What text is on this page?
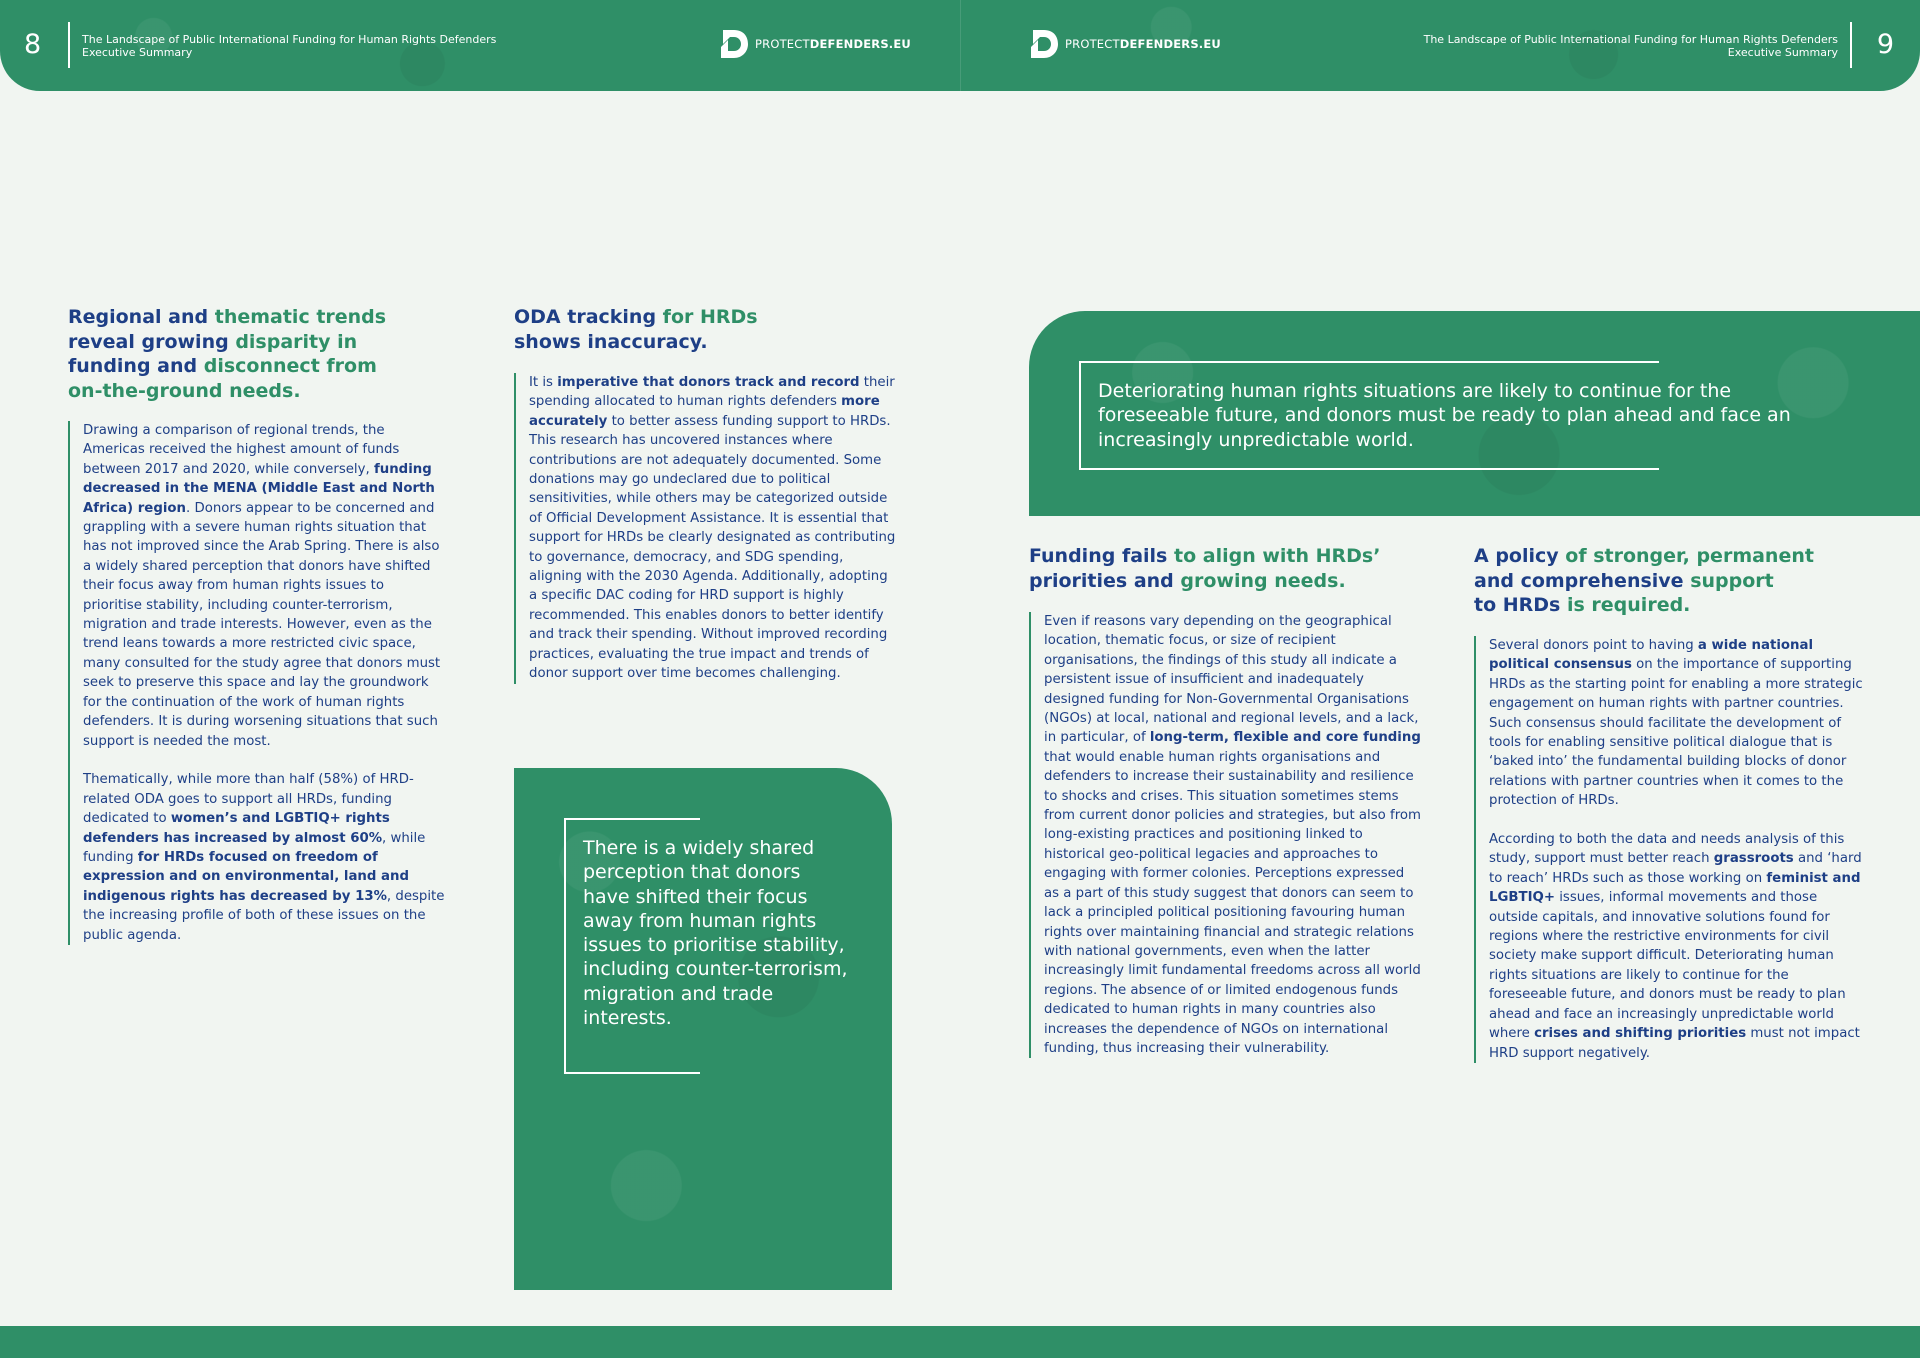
8	The Landscape of Public International Funding for Human Rights Defenders
Executive Summary
PROTECTDEFENDERS.EU	PROTECTDEFENDERS.EU	The Landscape of Public International Funding for Human Rights Defenders
Executive Summary 9
Regional and thematic trends
reveal growing disparity in
funding and disconnect from
on-the-ground needs.

Drawing a comparison of regional trends, the Americas received the highest amount of funds between 2017 and 2020, while conversely, funding decreased in the MENA (Middle East and North Africa) region. Donors appear to be concerned and grappling with a severe human rights situation that has not improved since the Arab Spring. There is also a widely shared perception that donors have shifted their focus away from human rights issues to prioritise stability, including counter-terrorism, migration and trade interests. However, even as the trend leans towards a more restricted civic space, many consulted for the study agree that donors must seek to preserve this space and lay the groundwork for the continuation of the work of human rights defenders. It is during worsening situations that such support is needed the most.

Thematically, while more than half (58%) of HRD-related ODA goes to support all HRDs, funding dedicated to women’s and LGBTIQ+ rights defenders has increased by almost 60%, while funding for HRDs focused on freedom of expression and on environmental, land and indigenous rights has decreased by 13%, despite the increasing profile of both of these issues on the public agenda.

ODA tracking for HRDs
shows inaccuracy.

It is imperative that donors track and record their spending allocated to human rights defenders more accurately to better assess funding support to HRDs. This research has uncovered instances where contributions are not adequately documented. Some donations may go undeclared due to political sensitivities, while others may be categorized outside of Official Development Assistance. It is essential that support for HRDs be clearly designated as contributing to governance, democracy, and SDG spending, aligning with the 2030 Agenda. Additionally, adopting a specific DAC coding for HRD support is highly recommended. This enables donors to better identify and track their spending. Without improved recording practices, evaluating the true impact and trends of donor support over time becomes challenging.

There is a widely shared perception that donors have shifted their focus away from human rights issues to prioritise stability, including counter-terrorism, migration and trade interests.
Deteriorating human rights situations are likely to continue for the foreseeable future, and donors must be ready to plan ahead and face an increasingly unpredictable world.
Funding fails to align with HRDs’
priorities and growing needs.

Even if reasons vary depending on the geographical location, thematic focus, or size of recipient organisations, the findings of this study all indicate a persistent issue of insufficient and inadequately designed funding for Non-Governmental Organisations (NGOs) at local, national and regional levels, and a lack, in particular, of long-term, flexible and core funding that would enable human rights organisations and defenders to increase their sustainability and resilience to shocks and crises. This situation sometimes stems from current donor policies and strategies, but also from long-existing practices and positioning linked to historical geo-political legacies and approaches to engaging with former colonies. Perceptions expressed as a part of this study suggest that donors can seem to lack a principled political positioning favouring human rights over maintaining financial and strategic relations with national governments, even when the latter increasingly limit fundamental freedoms across all world regions. The absence of or limited endogenous funds dedicated to human rights in many countries also increases the dependence of NGOs on international funding, thus increasing their vulnerability.

A policy of stronger, permanent
and comprehensive support
to HRDs is required.

Several donors point to having a wide national political consensus on the importance of supporting HRDs as the starting point for enabling a more strategic engagement on human rights with partner countries. Such consensus should facilitate the development of tools for enabling sensitive political dialogue that is ‘baked into’ the fundamental building blocks of donor relations with partner countries when it comes to the protection of HRDs.

According to both the data and needs analysis of this study, support must better reach grassroots and ‘hard to reach’ HRDs such as those working on feminist and LGBTIQ+ issues, informal movements and those outside capitals, and innovative solutions found for regions where the restrictive environments for civil society make support difficult. Deteriorating human rights situations are likely to continue for the foreseeable future, and donors must be ready to plan ahead and face an increasingly unpredictable world where crises and shifting priorities must not impact HRD support negatively.
